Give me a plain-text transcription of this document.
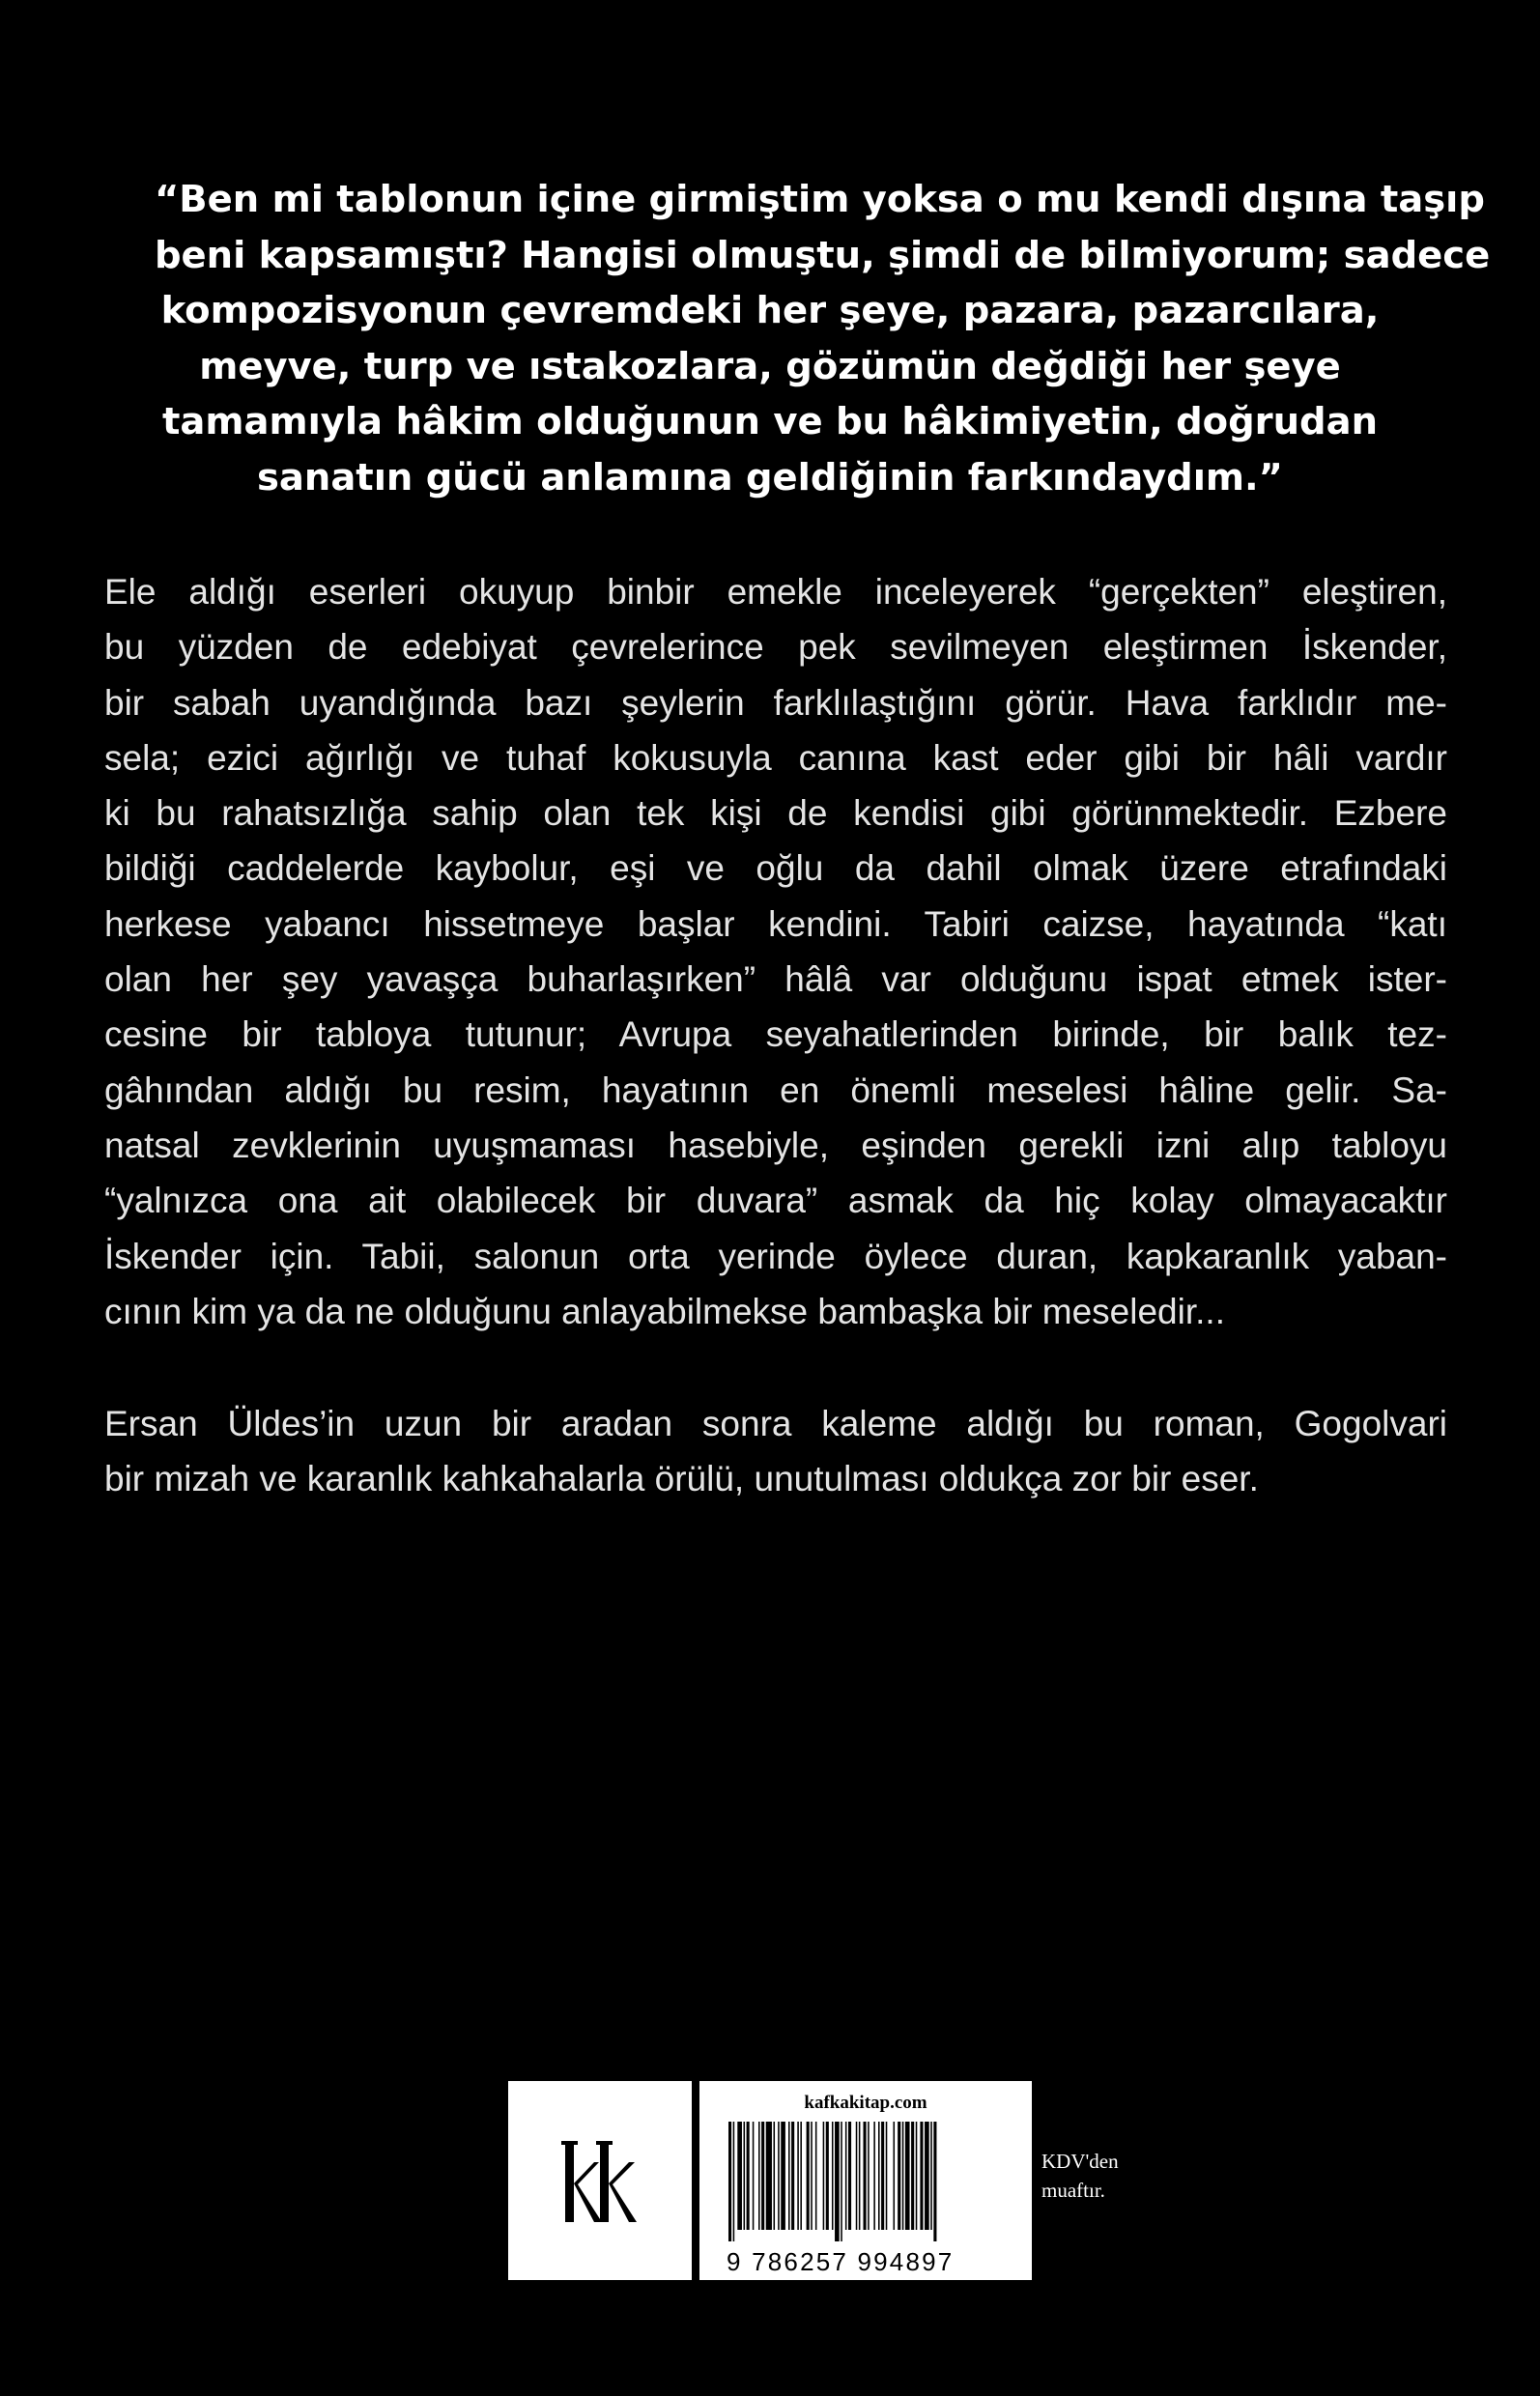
“Ben mi tablonun içine girmiştim yoksa o mu kendi dışına taşıp
beni kapsamıştı? Hangisi olmuştu, şimdi de bilmiyorum; sadece
kompozisyonun çevremdeki her şeye, pazara, pazarcılara,
meyve, turp ve ıstakozlara, gözümün değdiği her şeye
tamamıyla hâkim olduğunun ve bu hâkimiyetin, doğrudan
sanatın gücü anlamına geldiğinin farkındaydım.”
Ele aldığı eserleri okuyup binbir emekle inceleyerek “gerçekten” eleştiren,
bu yüzden de edebiyat çevrelerince pek sevilmeyen eleştirmen İskender,
bir sabah uyandığında bazı şeylerin farklılaştığını görür. Hava farklıdır me-
sela; ezici ağırlığı ve tuhaf kokusuyla canına kast eder gibi bir hâli vardır
ki bu rahatsızlığa sahip olan tek kişi de kendisi gibi görünmektedir. Ezbere
bildiği caddelerde kaybolur, eşi ve oğlu da dahil olmak üzere etrafındaki
herkese yabancı hissetmeye başlar kendini. Tabiri caizse, hayatında “katı
olan her şey yavaşça buharlaşırken” hâlâ var olduğunu ispat etmek ister-
cesine bir tabloya tutunur; Avrupa seyahatlerinden birinde, bir balık tez-
gâhından aldığı bu resim, hayatının en önemli meselesi hâline gelir. Sa-
natsal zevklerinin uyuşmaması hasebiyle, eşinden gerekli izni alıp tabloyu
“yalnızca ona ait olabilecek bir duvara” asmak da hiç kolay olmayacaktır
İskender için. Tabii, salonun orta yerinde öylece duran, kapkaranlık yaban-
cının kim ya da ne olduğunu anlayabilmekse bambaşka bir meseledir...
Ersan Üldes’in uzun bir aradan sonra kaleme aldığı bu roman, Gogolvari
bir mizah ve karanlık kahkahalarla örülü, unutulması oldukça zor bir eser.
kafkakitap.com
9 786257 994897
KDV'den
muaftır.
